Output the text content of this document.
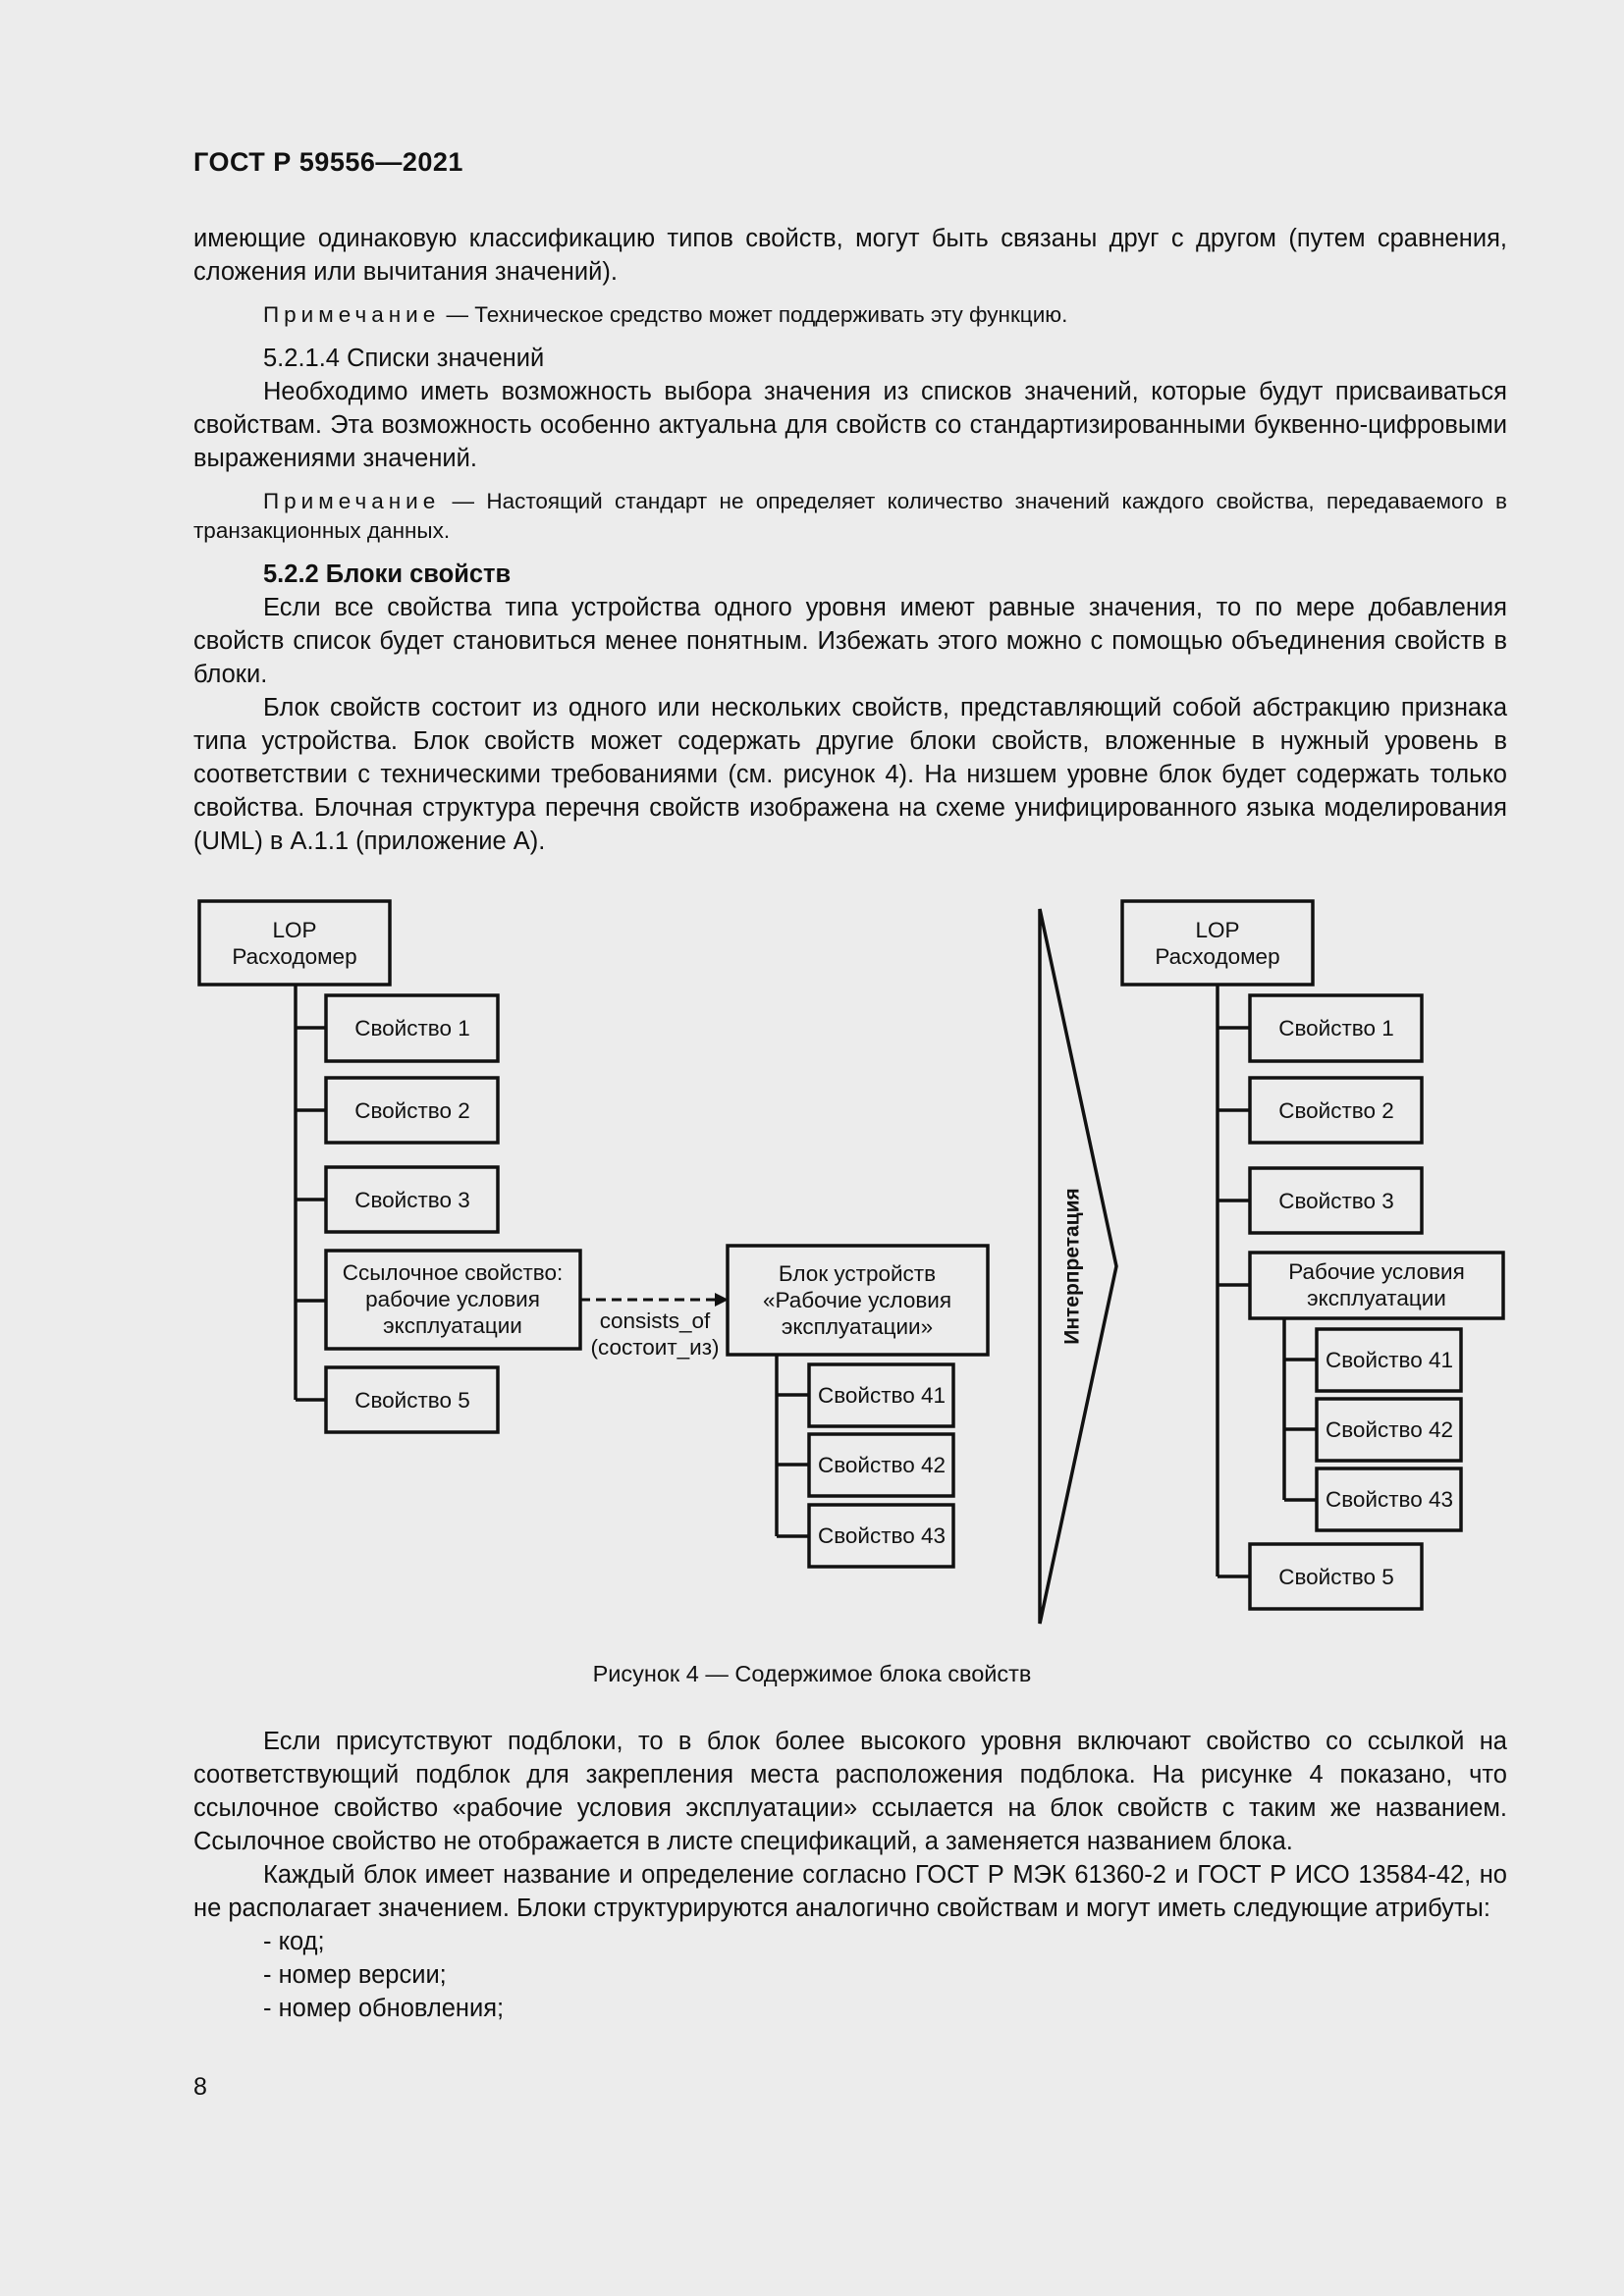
ГОСТ Р 59556—2021

имеющие одинаковую классификацию типов свойств, могут быть связаны друг с другом (путем сравнения, сложения или вычитания значений).

Примечание — Техническое средство может поддерживать эту функцию.

5.2.1.4 Списки значений

Необходимо иметь возможность выбора значения из списков значений, которые будут присваиваться свойствам. Эта возможность особенно актуальна для свойств со стандартизированными буквенно-цифровыми выражениями значений.

Примечание — Настоящий стандарт не определяет количество значений каждого свойства, передаваемого в транзакционных данных.

5.2.2 Блоки свойств

Если все свойства типа устройства одного уровня имеют равные значения, то по мере добавления свойств список будет становиться менее понятным. Избежать этого можно с помощью объединения свойств в блоки.

Блок свойств состоит из одного или нескольких свойств, представляющий собой абстракцию признака типа устройства. Блок свойств может содержать другие блоки свойств, вложенные в нужный уровень в соответствии с техническими требованиями (см. рисунок 4). На низшем уровне блок будет содержать только свойства. Блочная структура перечня свойств изображена на схеме унифицированного языка моделирования (UML) в А.1.1 (приложение А).

LOP
Расходомер
Свойство 1
Свойство 2
Свойство 3
Ссылочное свойство:
рабочие условия
эксплуатации
Свойство 5
consists_of
(состоит_из)
Блок устройств
«Рабочие условия
эксплуатации»
Свойство 41
Свойство 42
Свойство 43
Интерпретация
LOP
Расходомер
Свойство 1
Свойство 2
Свойство 3
Рабочие условия
эксплуатации
Свойство 41
Свойство 42
Свойство 43
Свойство 5
Рисунок 4 — Содержимое блока свойств

Если присутствуют подблоки, то в блок более высокого уровня включают свойство со ссылкой на соответствующий подблок для закрепления места расположения подблока. На рисунке 4 показано, что ссылочное свойство «рабочие условия эксплуатации» ссылается на блок свойств с таким же названием. Ссылочное свойство не отображается в листе спецификаций, а заменяется названием блока.

Каждый блок имеет название и определение согласно ГОСТ Р МЭК 61360-2 и ГОСТ Р ИСО 13584-42, но не располагает значением. Блоки структурируются аналогично свойствам и могут иметь следующие атрибуты:

- код;

- номер версии;

- номер обновления;

8
